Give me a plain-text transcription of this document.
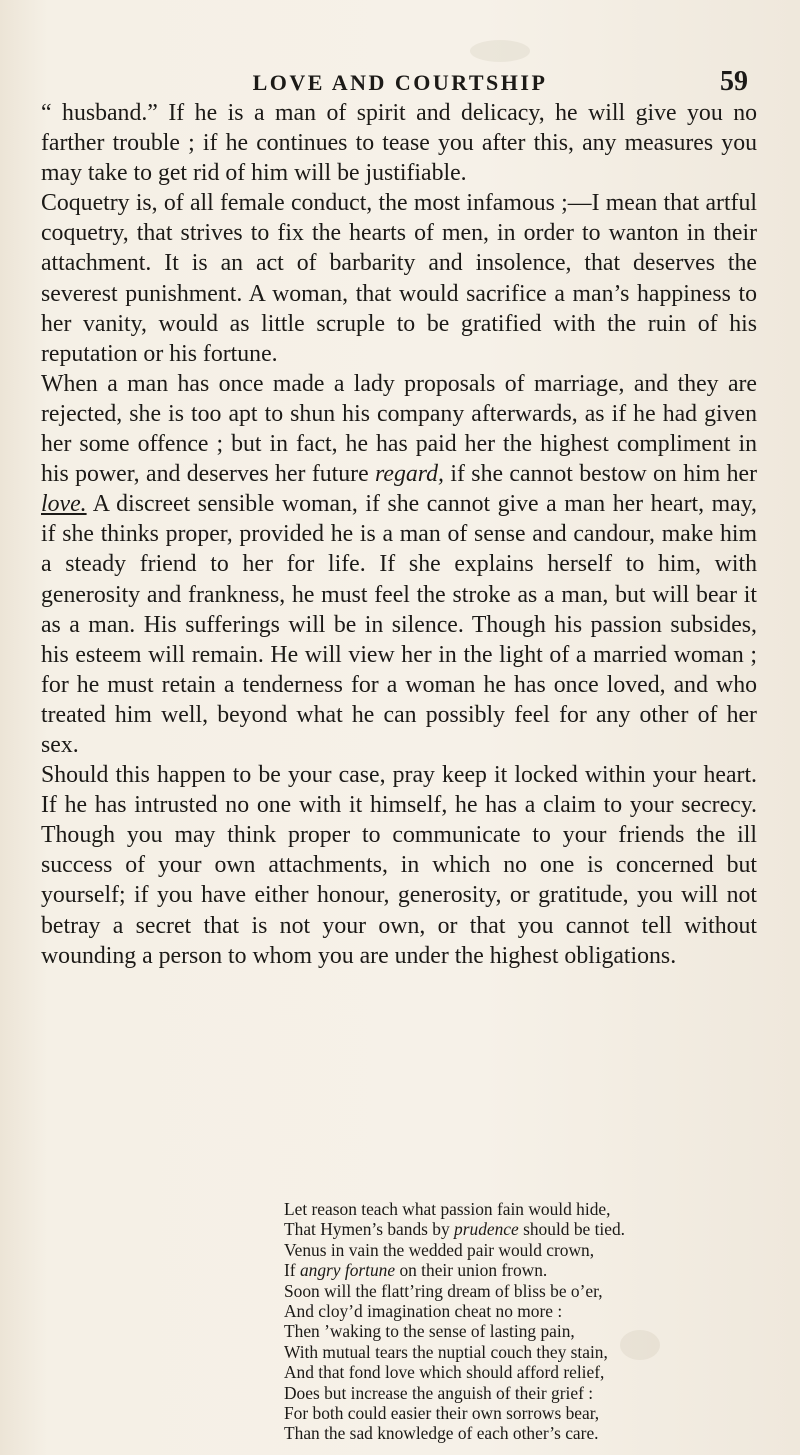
LOVE AND COURTSHIP	59

“ husband.” If he is a man of spirit and delicacy, he will give you no farther trouble ; if he continues to tease you after this, any measures you may take to get rid of him will be justifiable.

Coquetry is, of all female conduct, the most infamous ;—I mean that artful coquetry, that strives to fix the hearts of men, in order to wanton in their attachment. It is an act of barbarity and insolence, that deserves the severest punishment. A woman, that would sacrifice a man’s happiness to her vanity, would as little scruple to be gratified with the ruin of his reputation or his fortune.

When a man has once made a lady proposals of marriage, and they are rejected, she is too apt to shun his company afterwards, as if he had given her some offence ; but in fact, he has paid her the highest compliment in his power, and deserves her future regard, if she cannot bestow on him her love. A discreet sensible woman, if she cannot give a man her heart, may, if she thinks proper, provided he is a man of sense and candour, make him a steady friend to her for life. If she explains herself to him, with generosity and frankness, he must feel the stroke as a man, but will bear it as a man. His sufferings will be in silence. Though his passion subsides, his esteem will remain. He will view her in the light of a married woman ; for he must retain a tenderness for a woman he has once loved, and who treated him well, beyond what he can possibly feel for any other of her sex.

Should this happen to be your case, pray keep it locked within your heart. If he has intrusted no one with it himself, he has a claim to your secrecy. Though you may think proper to communicate to your friends the ill success of your own attachments, in which no one is concerned but yourself; if you have either honour, generosity, or gratitude, you will not betray a secret that is not your own, or that you cannot tell without wounding a person to whom you are under the highest obligations.

Let reason teach what passion fain would hide,
That Hymen’s bands by prudence should be tied.
Venus in vain the wedded pair would crown,
If angry fortune on their union frown.
Soon will the flatt’ring dream of bliss be o’er,
And cloy’d imagination cheat no more :
Then ’waking to the sense of lasting pain,
With mutual tears the nuptial couch they stain,
And that fond love which should afford relief,
Does but increase the anguish of their grief :
For both could easier their own sorrows bear,
Than the sad knowledge of each other’s care.
